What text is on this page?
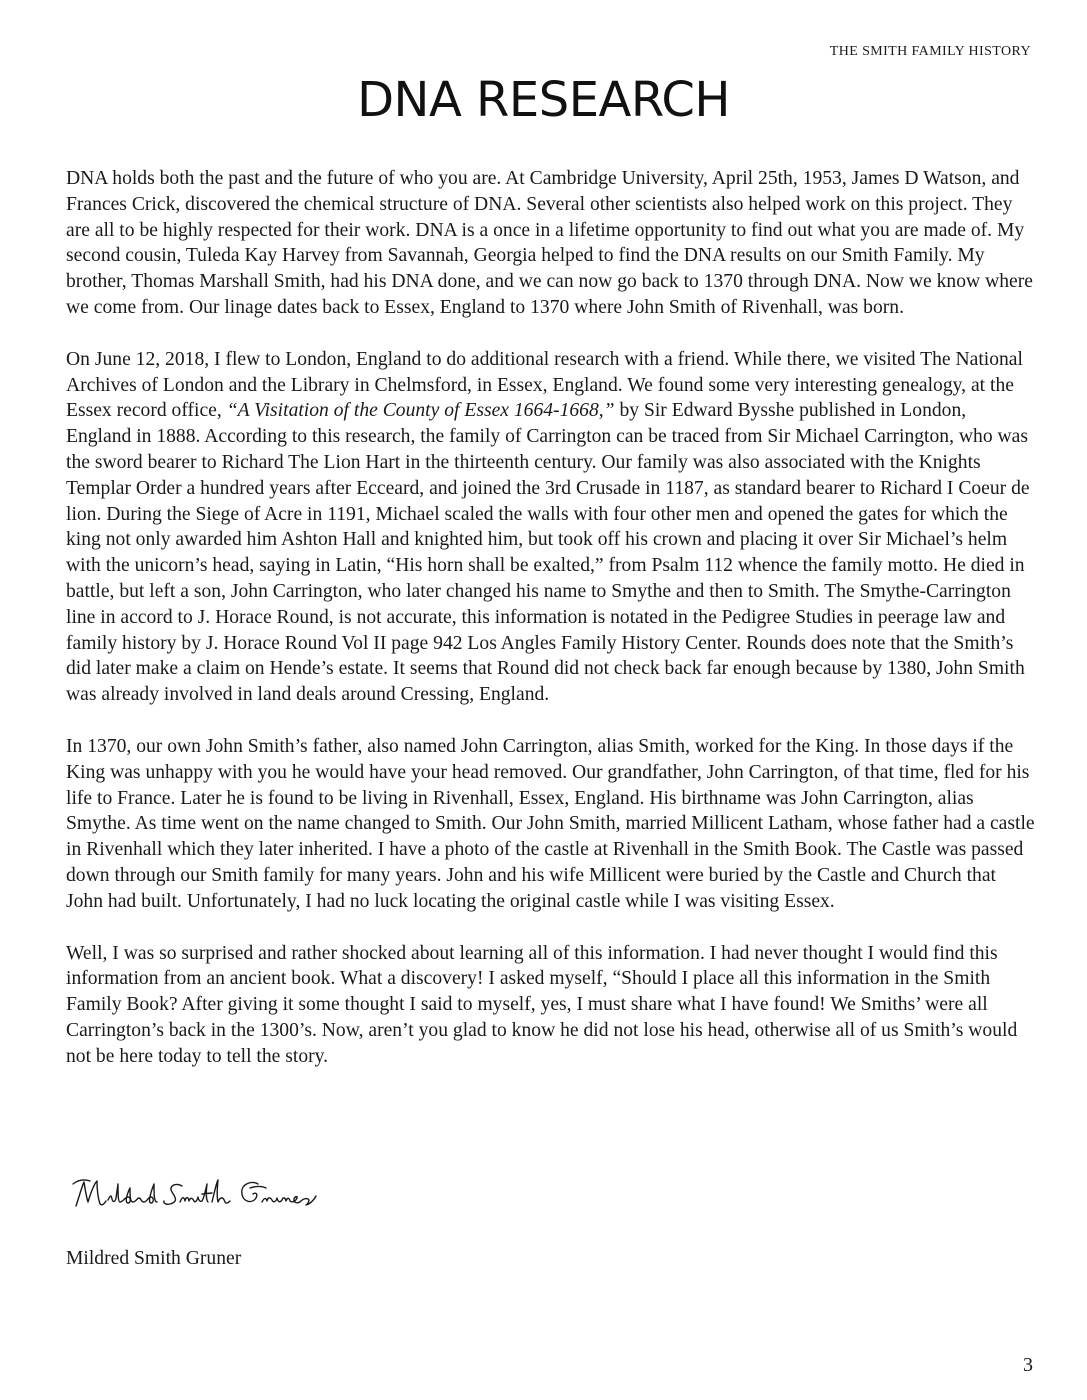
THE SMITH FAMILY HISTORY
DNA RESEARCH

DNA holds both the past and the future of who you are. At Cambridge University, April 25th, 1953, James D Watson, and Frances Crick, discovered the chemical structure of DNA. Several other scientists also helped work on this project. They are all to be highly respected for their work. DNA is a once in a lifetime opportunity to find out what you are made of. My second cousin, Tuleda Kay Harvey from Savannah, Georgia helped to find the DNA results on our Smith Family. My brother, Thomas Marshall Smith, had his DNA done, and we can now go back to 1370 through DNA. Now we know where we come from. Our linage dates back to Essex, England to 1370 where John Smith of Rivenhall, was born.

On June 12, 2018, I flew to London, England to do additional research with a friend. While there, we visited The National Archives of London and the Library in Chelmsford, in Essex, England. We found some very interesting genealogy, at the Essex record office, “A Visitation of the County of Essex 1664-1668,” by Sir Edward Bysshe published in London, England in 1888. According to this research, the family of Carrington can be traced from Sir Michael Carrington, who was the sword bearer to Richard The Lion Hart in the thirteenth century. Our family was also associated with the Knights Templar Order a hundred years after Ecceard, and joined the 3rd Crusade in 1187, as standard bearer to Richard I Coeur de lion. During the Siege of Acre in 1191, Michael scaled the walls with four other men and opened the gates for which the king not only awarded him Ashton Hall and knighted him, but took off his crown and placing it over Sir Michael’s helm with the unicorn’s head, saying in Latin, “His horn shall be exalted,” from Psalm 112 whence the family motto. He died in battle, but left a son, John Carrington, who later changed his name to Smythe and then to Smith. The Smythe-Carrington line in accord to J. Horace Round, is not accurate, this information is notated in the Pedigree Studies in peerage law and family history by J. Horace Round Vol II page 942 Los Angles Family History Center. Rounds does note that the Smith’s did later make a claim on Hende’s estate. It seems that Round did not check back far enough because by 1380, John Smith was already involved in land deals around Cressing, England.

In 1370, our own John Smith’s father, also named John Carrington, alias Smith, worked for the King. In those days if the King was unhappy with you he would have your head removed. Our grandfather, John Carrington, of that time, fled for his life to France. Later he is found to be living in Rivenhall, Essex, England. His birthname was John Carrington, alias Smythe. As time went on the name changed to Smith. Our John Smith, married Millicent Latham, whose father had a castle in Rivenhall which they later inherited. I have a photo of the castle at Rivenhall in the Smith Book. The Castle was passed down through our Smith family for many years. John and his wife Millicent were buried by the Castle and Church that John had built. Unfortunately, I had no luck locating the original castle while I was visiting Essex.

Well, I was so surprised and rather shocked about learning all of this information. I had never thought I would find this information from an ancient book. What a discovery! I asked myself, “Should I place all this information in the Smith Family Book? After giving it some thought I said to myself, yes, I must share what I have found! We Smiths’ were all Carrington’s back in the 1300’s. Now, aren’t you glad to know he did not lose his head, otherwise all of us Smith’s would not be here today to tell the story.

Mildred Smith Gruner
3
